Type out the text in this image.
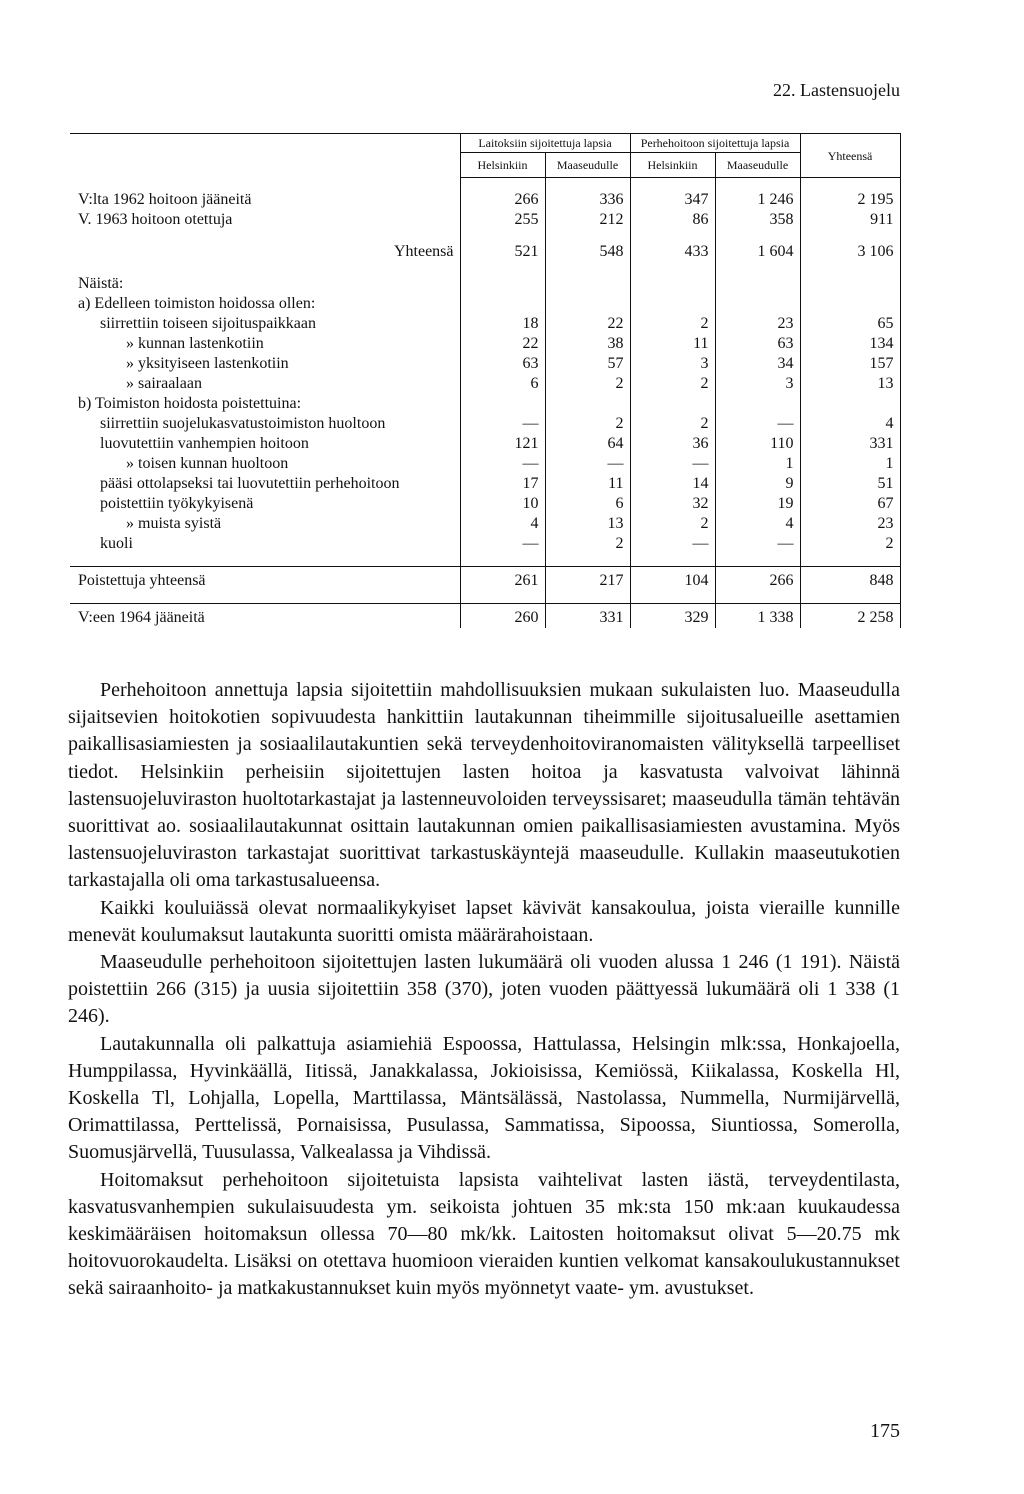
22. Lastensuojelu
	Laitoksiin sijoitettuja lapsia		Perhehoitoon sijoitettuja lapsia		Yhteensä
	Helsinkiin	Maaseudulle	Helsinkiin	Maaseudulle	

V:lta 1962 hoitoon jääneitä	266	336	347	1 246	2 195
V. 1963 hoitoon otettuja	255	212	86	358	911

Yhteensä	521	548	433	1 604	3 106

Näistä:					
a) Edelleen toimiston hoidossa ollen:					
siirrettiin toiseen sijoituspaikkaan	18	22	2	23	65
» kunnan lastenkotiin	22	38	11	63	134
» yksityiseen lastenkotiin	63	57	3	34	157
» sairaalaan	6	2	2	3	13
b) Toimiston hoidosta poistettuina:					
siirrettiin suojelukasvatustoimiston huoltoon	—	2	2	—	4
luovutettiin vanhempien hoitoon	121	64	36	110	331
» toisen kunnan huoltoon	—	—	—	1	1
pääsi ottolapseksi tai luovutettiin perhehoitoon	17	11	14	9	51
poistettiin työkykyisenä	10	6	32	19	67
» muista syistä	4	13	2	4	23
kuoli	—	2	—	—	2

Poistettuja yhteensä	261	217	104	266	848

V:een 1964 jääneitä	260	331	329	1 338	2 258

Perhehoitoon annettuja lapsia sijoitettiin mahdollisuuksien mukaan sukulaisten luo. Maaseudulla sijaitsevien hoitokotien sopivuudesta hankittiin lautakunnan tiheimmille sijoitusalueille asettamien paikallisasiamiesten ja sosiaalilautakuntien sekä terveydenhoitoviranomaisten välityksellä tarpeelliset tiedot. Helsinkiin perheisiin sijoitettujen lasten hoitoa ja kasvatusta valvoivat lähinnä lastensuojeluviraston huoltotarkastajat ja lastenneuvoloiden terveyssisaret; maaseudulla tämän tehtävän suorittivat ao. sosiaalilautakunnat osittain lautakunnan omien paikallisasiamiesten avustamina. Myös lastensuojeluviraston tarkastajat suorittivat tarkastuskäyntejä maaseudulle. Kullakin maaseutukotien tarkastajalla oli oma tarkastusalueensa.

Kaikki kouluiässä olevat normaalikykyiset lapset kävivät kansakoulua, joista vieraille kunnille menevät koulumaksut lautakunta suoritti omista määrärahoistaan.

Maaseudulle perhehoitoon sijoitettujen lasten lukumäärä oli vuoden alussa 1 246 (1 191). Näistä poistettiin 266 (315) ja uusia sijoitettiin 358 (370), joten vuoden päättyessä lukumäärä oli 1 338 (1 246).

Lautakunnalla oli palkattuja asiamiehiä Espoossa, Hattulassa, Helsingin mlk:ssa, Honkajoella, Humppilassa, Hyvinkäällä, Iitissä, Janakkalassa, Jokioisissa, Kemiössä, Kiikalassa, Koskella Hl, Koskella Tl, Lohjalla, Lopella, Marttilassa, Mäntsälässä, Nastolassa, Nummella, Nurmijärvellä, Orimattilassa, Perttelissä, Pornaisissa, Pusulassa, Sammatissa, Sipoossa, Siuntiossa, Somerolla, Suomusjärvellä, Tuusulassa, Valkealassa ja Vihdissä.

Hoitomaksut perhehoitoon sijoitetuista lapsista vaihtelivat lasten iästä, terveydentilasta, kasvatusvanhempien sukulaisuudesta ym. seikoista johtuen 35 mk:sta 150 mk:aan kuukaudessa keskimääräisen hoitomaksun ollessa 70—80 mk/kk. Laitosten hoitomaksut olivat 5—20.75 mk hoitovuorokaudelta. Lisäksi on otettava huomioon vieraiden kuntien velkomat kansakoulukustannukset sekä sairaanhoito- ja matkakustannukset kuin myös myönnetyt vaate- ym. avustukset.

175
